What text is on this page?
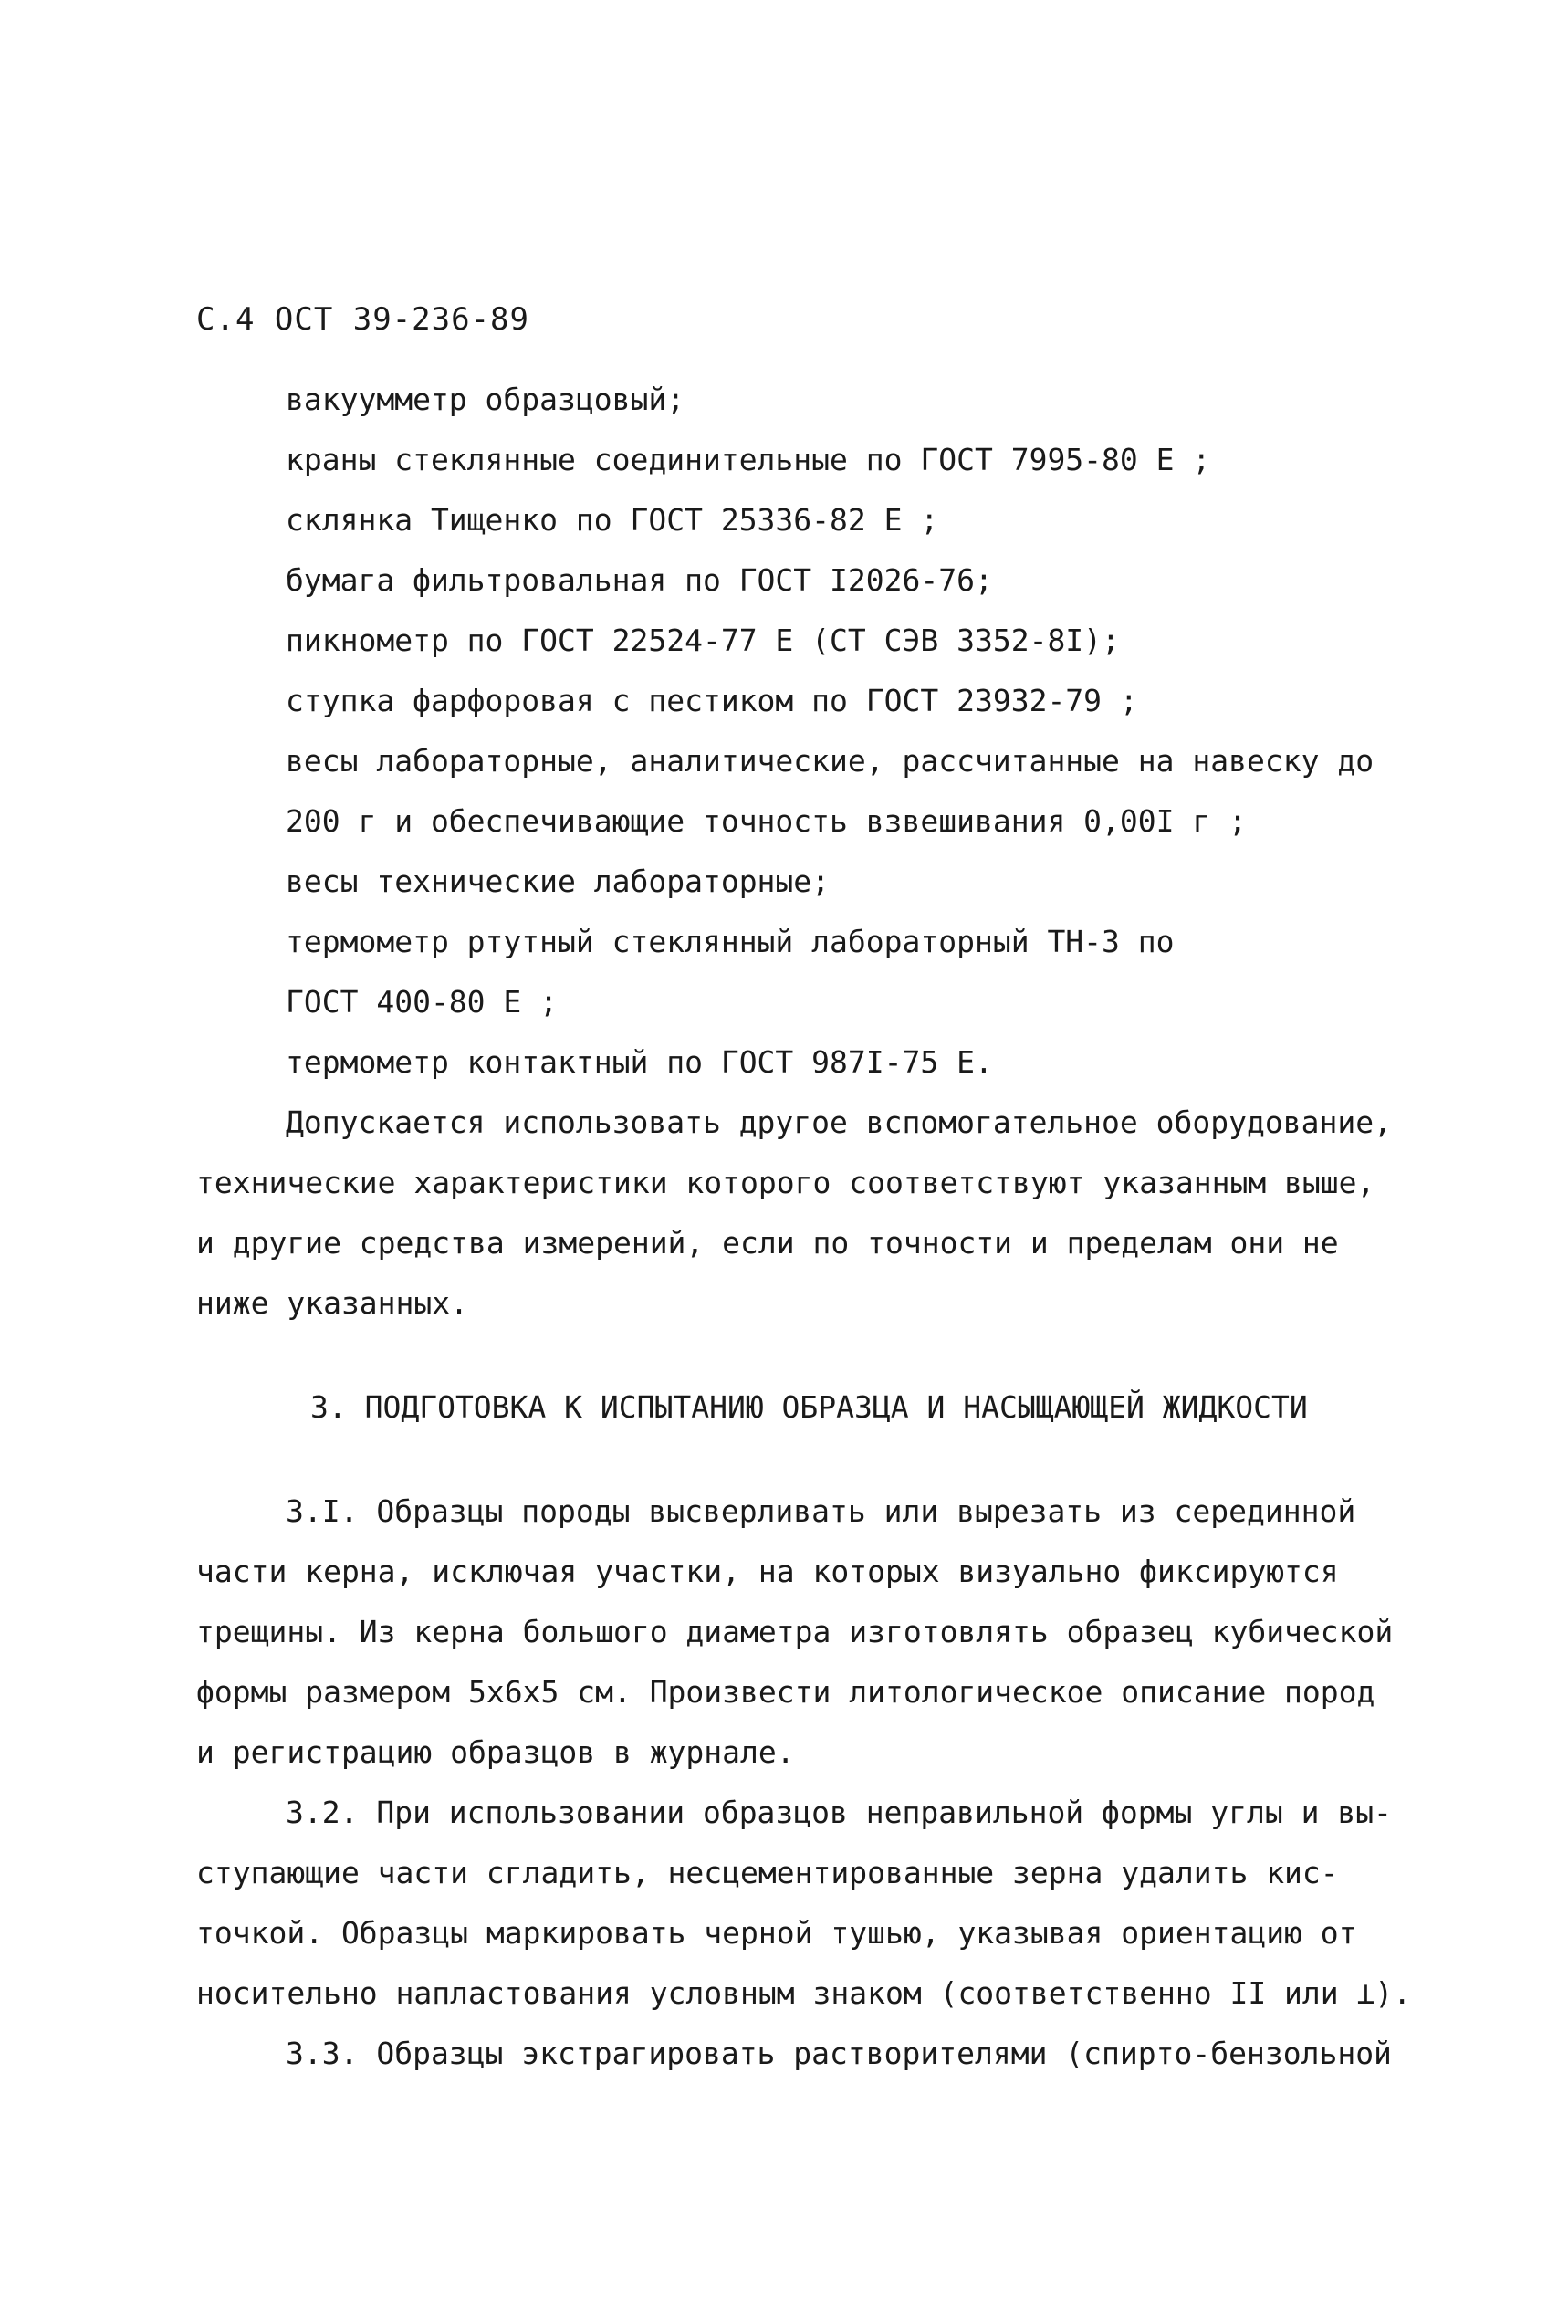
С.4 ОСТ 39-236-89
вакуумметр образцовый;
краны стеклянные соединительные по ГОСТ 7995-80 Е ;
склянка Тищенко по ГОСТ 25336-82 Е ;
бумага фильтровальная по ГОСТ I2026-76;
пикнометр по ГОСТ 22524-77 Е (СТ СЭВ 3352-8I);
ступка фарфоровая с пестиком по ГОСТ 23932-79 ;
весы лабораторные, аналитические, рассчитанные на навеску до
200 г и обеспечивающие точность взвешивания 0,00I г ;
весы технические лабораторные;
термометр ртутный стеклянный лабораторный ТН-3 по
ГОСТ 400-80 Е ;
термометр контактный по ГОСТ 987I-75 Е.
Допускается использовать другое вспомогательное оборудование,
технические характеристики которого соответствуют указанным выше,
и другие средства измерений, если по точности и пределам они не
ниже указанных.
3. ПОДГОТОВКА К ИСПЫТАНИЮ ОБРАЗЦА И НАСЫЩАЮЩЕЙ ЖИДКОСТИ
3.I. Образцы породы высверливать или вырезать из серединной
части керна, исключая участки, на которых визуально фиксируются
трещины. Из керна большого диаметра изготовлять образец кубической
формы размером 5х6х5 см. Произвести литологическое описание пород
и регистрацию образцов в журнале.
3.2. При использовании образцов неправильной формы углы и вы-
ступающие части сгладить, несцементированные зерна удалить кис-
точкой. Образцы маркировать черной тушью, указывая ориентацию от
носительно напластования условным знаком (соответственно II или ⊥).
3.3. Образцы экстрагировать растворителями (спирто-бензольной
